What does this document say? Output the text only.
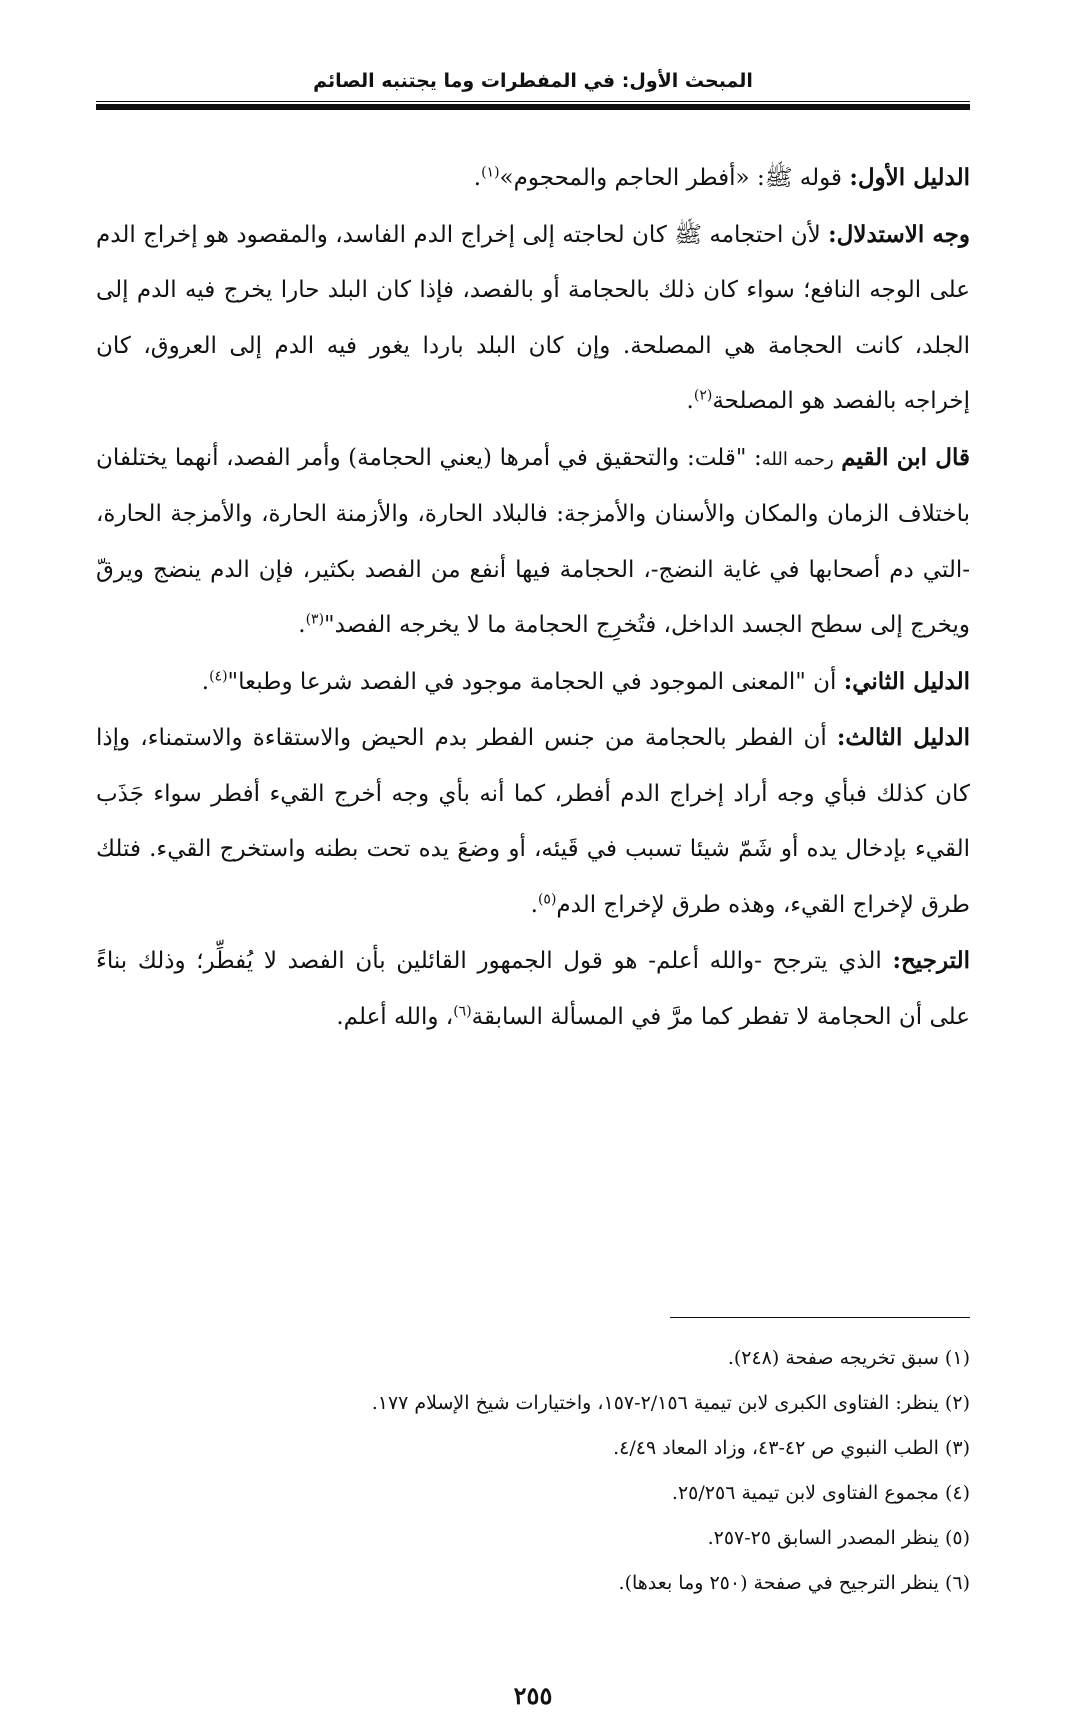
المبحث الأول: في المفطرات وما يجتنبه الصائم

الدليل الأول: قوله ﷺ: «أفطر الحاجم والمحجوم»$^{(١)}$.

وجه الاستدلال: لأن احتجامه ﷺ كان لحاجته إلى إخراج الدم الفاسد، والمقصود هو إخراج الدم على الوجه النافع؛ سواء كان ذلك بالحجامة أو بالفصد، فإذا كان البلد حارا يخرج فيه الدم إلى الجلد، كانت الحجامة هي المصلحة. وإن كان البلد باردا يغور فيه الدم إلى العروق، كان إخراجه بالفصد هو المصلحة$^{(٢)}$.

قال ابن القيم رحمه الله: "قلت: والتحقيق في أمرها (يعني الحجامة) وأمر الفصد، أنهما يختلفان باختلاف الزمان والمكان والأسنان والأمزجة: فالبلاد الحارة، والأزمنة الحارة، والأمزجة الحارة، -التي دم أصحابها في غاية النضج-، الحجامة فيها أنفع من الفصد بكثير، فإن الدم ينضج ويرقّ ويخرج إلى سطح الجسد الداخل، فتُخرِج الحجامة ما لا يخرجه الفصد"$^{(٣)}$.

الدليل الثاني: أن "المعنى الموجود في الحجامة موجود في الفصد شرعا وطبعا"$^{(٤)}$.

الدليل الثالث: أن الفطر بالحجامة من جنس الفطر بدم الحيض والاستقاءة والاستمناء، وإذا كان كذلك فبأي وجه أراد إخراج الدم أفطر، كما أنه بأي وجه أخرج القيء أفطر سواء جَذَب القيء بإدخال يده أو شَمّ شيئا تسبب في قَيئه، أو وضعَ يده تحت بطنه واستخرج القيء. فتلك طرق لإخراج القيء، وهذه طرق لإخراج الدم$^{(٥)}$.

الترجيح: الذي يترجح -والله أعلم- هو قول الجمهور القائلين بأن الفصد لا يُفطِّر؛ وذلك بناءً على أن الحجامة لا تفطر كما مرَّ في المسألة السابقة$^{(٦)}$، والله أعلم.

(١) سبق تخريجه صفحة (٢٤٨).

(٢) ينظر: الفتاوى الكبرى لابن تيمية ٢/١٥٦-١٥٧، واختيارات شيخ الإسلام ١٧٧.

(٣) الطب النبوي ص ٤٢-٤٣، وزاد المعاد ٤/٤٩.

(٤) مجموع الفتاوى لابن تيمية ٢٥/٢٥٦.

(٥) ينظر المصدر السابق ٢٥-٢٥٧.

(٦) ينظر الترجيح في صفحة (٢٥٠ وما بعدها).

٢٥٥
